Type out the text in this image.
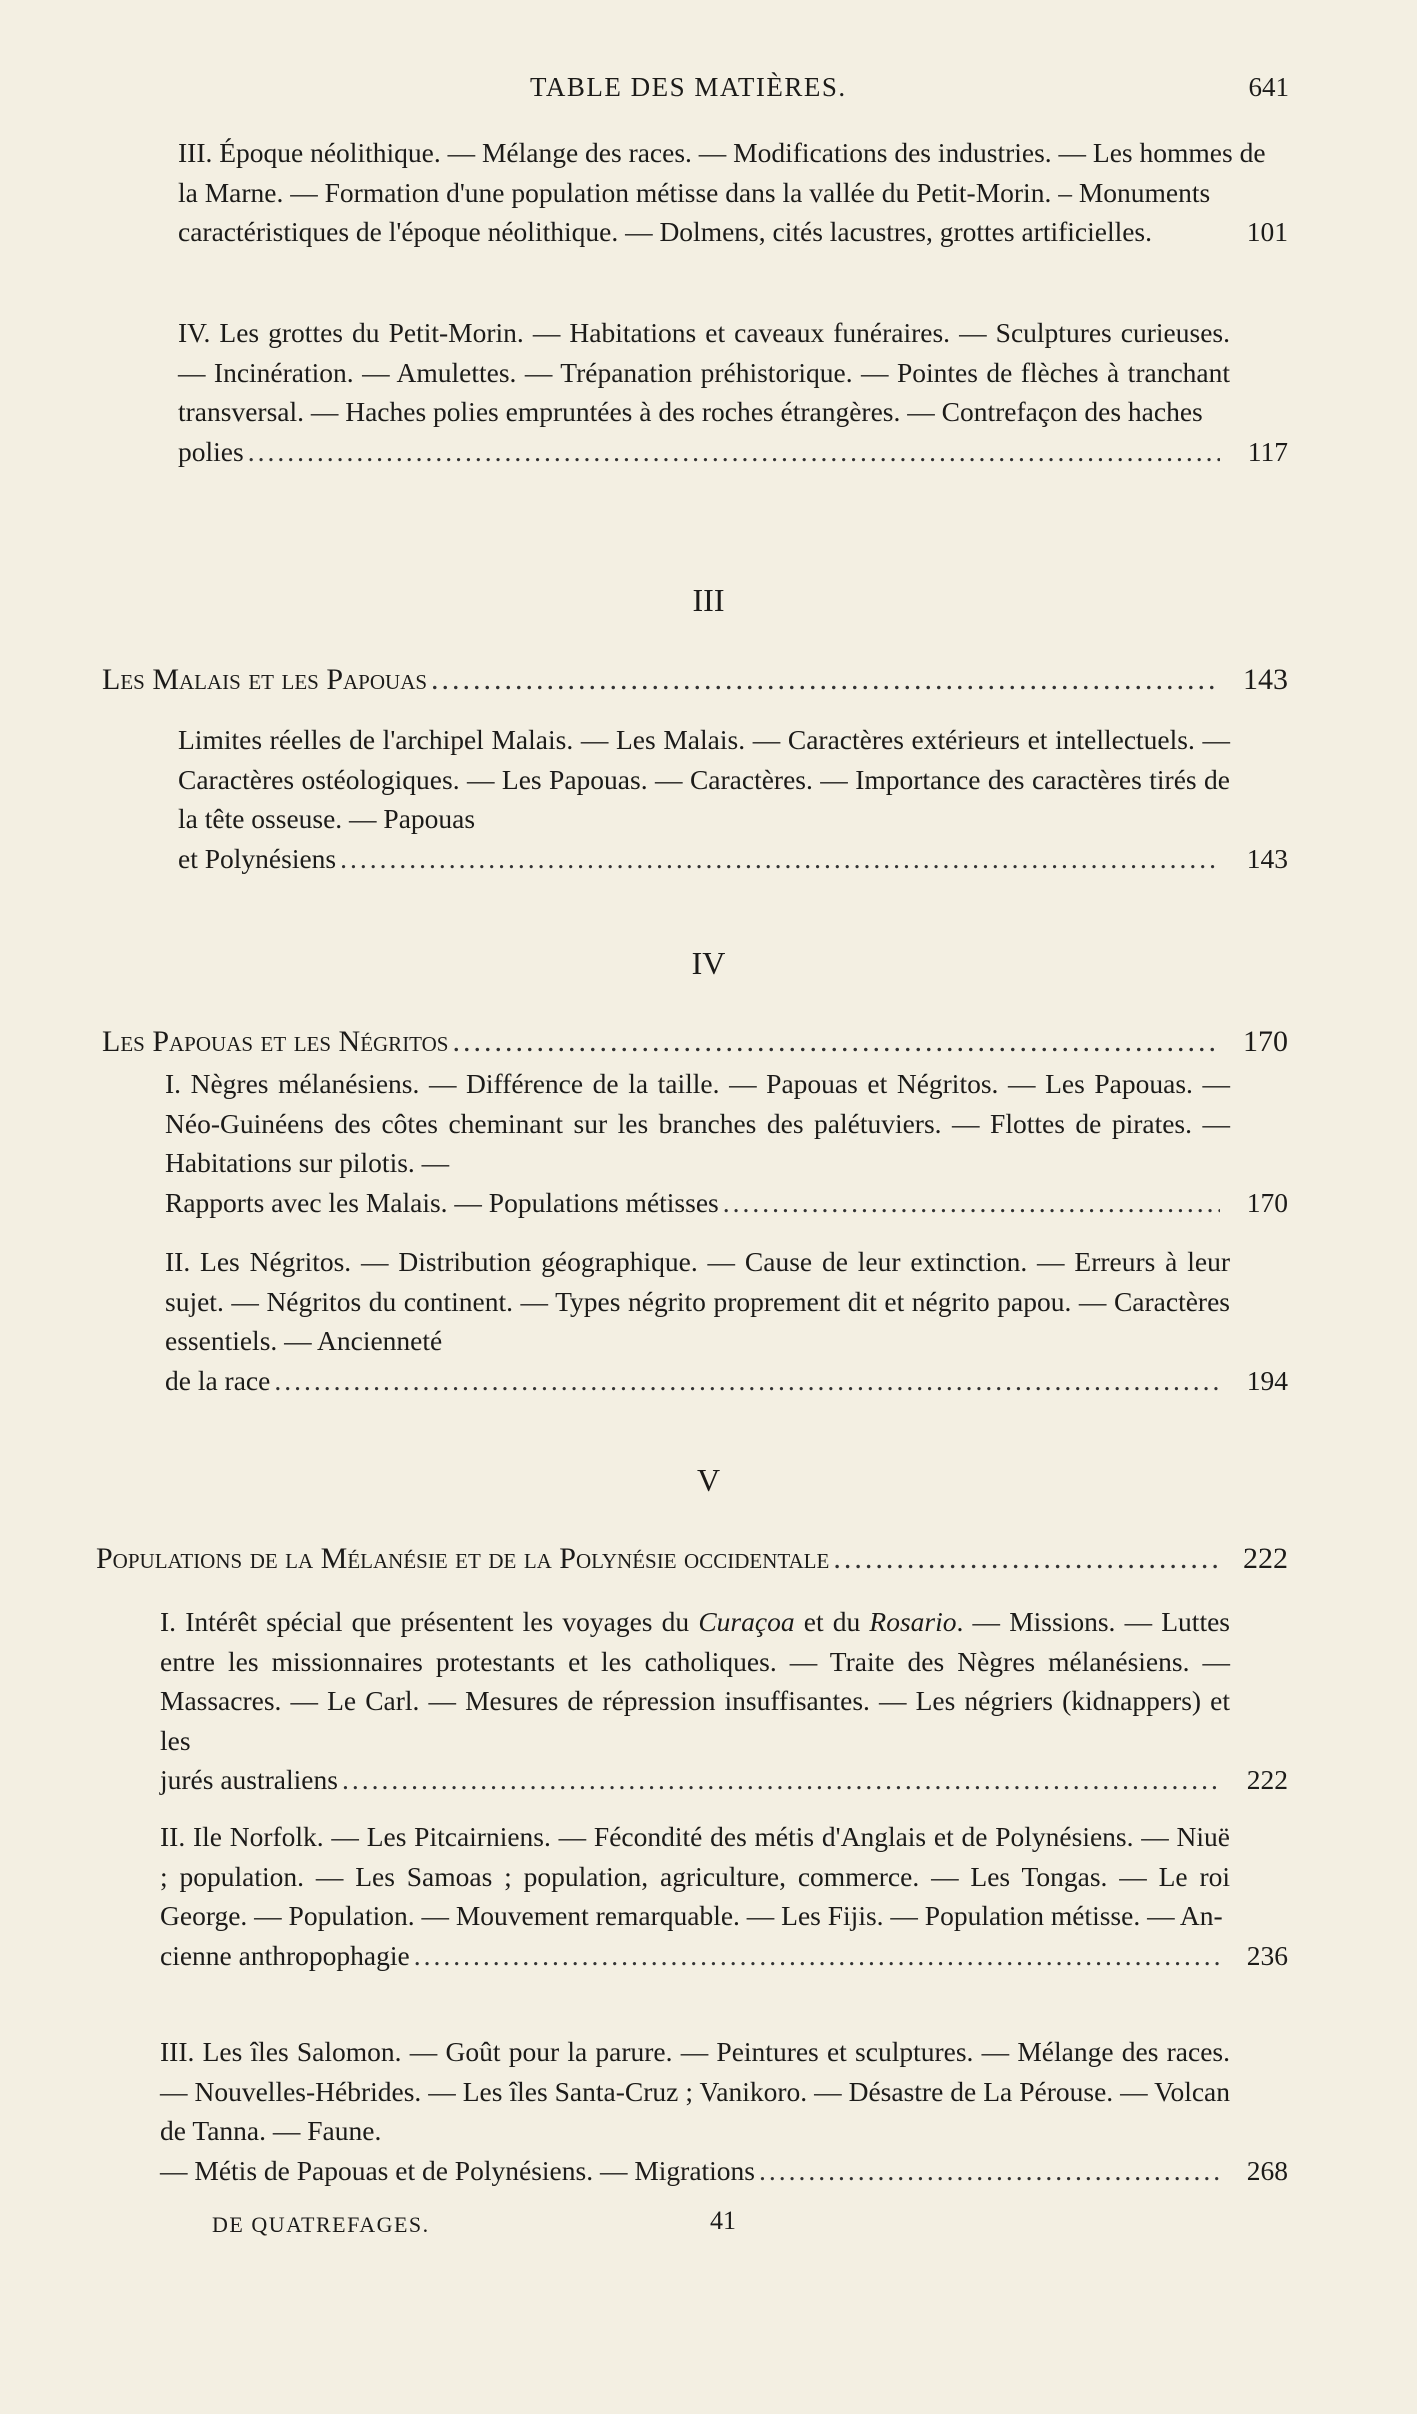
TABLE DES MATIÈRES.	641

III. Époque néolithique. — Mélange des races. — Modifications des industries. — Les hommes de la Marne. — Formation d'une population métisse dans la vallée du Petit-Morin. – Monuments caractéristiques de l'époque néolithique. — Dolmens, cités lacustres, grottes artificielles.	101

IV. Les grottes du Petit-Morin. — Habitations et caveaux funéraires. — Sculptures curieuses. — Incinération. — Amulettes. — Trépanation préhistorique. — Pointes de flèches à tranchant transversal. — Haches polies empruntées à des roches étrangères. — Contrefaçon des haches

polies .....	117
III
Les Malais et les Papouas .....	143

Limites réelles de l'archipel Malais. — Les Malais. — Caractères extérieurs et intellectuels. — Caractères ostéologiques. — Les Papouas. — Caractères. — Importance des caractères tirés de la tête osseuse. — Papouas

et Polynésiens .....	143
IV
Les Papouas et les Négritos .....	170

I. Nègres mélanésiens. — Différence de la taille. — Papouas et Négritos. — Les Papouas. — Néo-Guinéens des côtes cheminant sur les branches des palétuviers. — Flottes de pirates. — Habitations sur pilotis. —

Rapports avec les Malais. — Populations métisses .....	170

II. Les Négritos. — Distribution géographique. — Cause de leur extinction. — Erreurs à leur sujet. — Négritos du continent. — Types négrito proprement dit et négrito papou. — Caractères essentiels. — Ancienneté

de la race .....	194
V
Populations de la Mélanésie et de la Polynésie occidentale .....	222

I. Intérêt spécial que présentent les voyages du Curaçoa et du Rosario. — Missions. — Luttes entre les missionnaires protestants et les catholiques. — Traite des Nègres mélanésiens. — Massacres. — Le Carl. — Mesures de répression insuffisantes. — Les négriers (kidnappers) et les

jurés australiens .....	222

II. Ile Norfolk. — Les Pitcairniens. — Fécondité des métis d'Anglais et de Polynésiens. — Niuë ; population. — Les Samoas ; population, agriculture, commerce. — Les Tongas. — Le roi George. — Population. — Mouvement remarquable. — Les Fijis. — Population métisse. — An-

cienne anthropophagie .....	236

III. Les îles Salomon. — Goût pour la parure. — Peintures et sculptures. — Mélange des races. — Nouvelles-Hébrides. — Les îles Santa-Cruz ; Vanikoro. — Désastre de La Pérouse. — Volcan de Tanna. — Faune.

— Métis de Papouas et de Polynésiens. — Migrations .....	268
DE QUATREFAGES.	41
